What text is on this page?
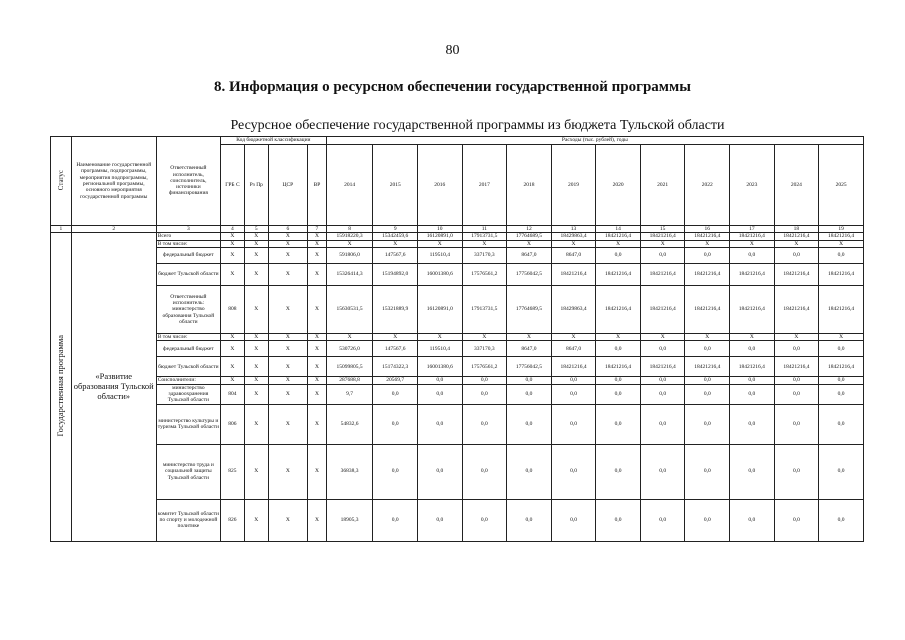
80
8. Информация о ресурсном обеспечении государственной программы
Ресурсное обеспечение государственной программы из бюджета Тульской области
Статус	Наименование государственной программы, подпрограммы, мероприятия подпрограммы, региональной программы, основного мероприятия государственной программы	Ответственный исполнитель, соисполнитель, источники финансирования	Код бюджетной классификации				Расходы (тыс. рублей), годы											
			ГРБ С	Рз Пр	ЦСР	ВР	2014	2015	2016	2017	2018	2019	2020	2021	2022	2023	2024	2025
1	2	3	4	5	6	7	8	9	10	11	12	13	14	15	16	17	18	19
Государственная программа	«Развитие образования Тульской области»	Всего	Х	Х	Х	Х	15918220,3	15342459,6	16120891,0	17913731,5	17764689,5	18429863,4	18421216,4	18421216,4	18421216,4	18421216,4	18421216,4	18421216,4
		В том числе:	Х	Х	Х	Х	Х	Х	Х	Х	Х	Х	Х	Х	Х	Х	Х	Х
		федеральный бюджет	Х	Х	Х	Х	591806,0	147567,6	119510,4	337170,3	8647,0	8647,0	0,0	0,0	0,0	0,0	0,0	0,0
		бюджет Тульской области	Х	Х	Х	Х	15326414,3	15194892,0	16001380,6	17576561,2	17756042,5	18421216,4	18421216,4	18421216,4	18421216,4	18421216,4	18421216,4	18421216,4
		Ответственный исполнитель: министерство образования Тульской области	808	Х	Х	Х	15630531,5	15321889,9	16120891,0	17913731,5	17764689,5	18429863,4	18421216,4	18421216,4	18421216,4	18421216,4	18421216,4	18421216,4
		В том числе:	Х	Х	Х	Х	Х	Х	Х	Х	Х	Х	Х	Х	Х	Х	Х	Х
		федеральный бюджет	Х	Х	Х	Х	530726,0	147567,6	119510,4	337170,3	8647,0	8647,0	0,0	0,0	0,0	0,0	0,0	0,0
		бюджет Тульской области	Х	Х	Х	Х	15099805,5	15174322,3	16001380,6	17576561,2	17756042,5	18421216,4	18421216,4	18421216,4	18421216,4	18421216,4	18421216,4	18421216,4
		Соисполнители:	Х	Х	Х	Х	287688,8	20569,7	0,0	0,0	0,0	0,0	0,0	0,0	0,0	0,0	0,0	0,0
		министерство здравоохранения Тульской области	804	Х	Х	Х	9,7	0,0	0,0	0,0	0,0	0,0	0,0	0,0	0,0	0,0	0,0	0,0
		министерство культуры и туризма Тульской области	806	Х	Х	Х	54832,6	0,0	0,0	0,0	0,0	0,0	0,0	0,0	0,0	0,0	0,0	0,0
		министерство труда и социальной защиты Тульской области	825	Х	Х	Х	36838,3	0,0	0,0	0,0	0,0	0,0	0,0	0,0	0,0	0,0	0,0	0,0
		комитет Тульской области по спорту и молодежной политике	826	Х	Х	Х	18905,3	0,0	0,0	0,0	0,0	0,0	0,0	0,0	0,0	0,0	0,0	0,0
